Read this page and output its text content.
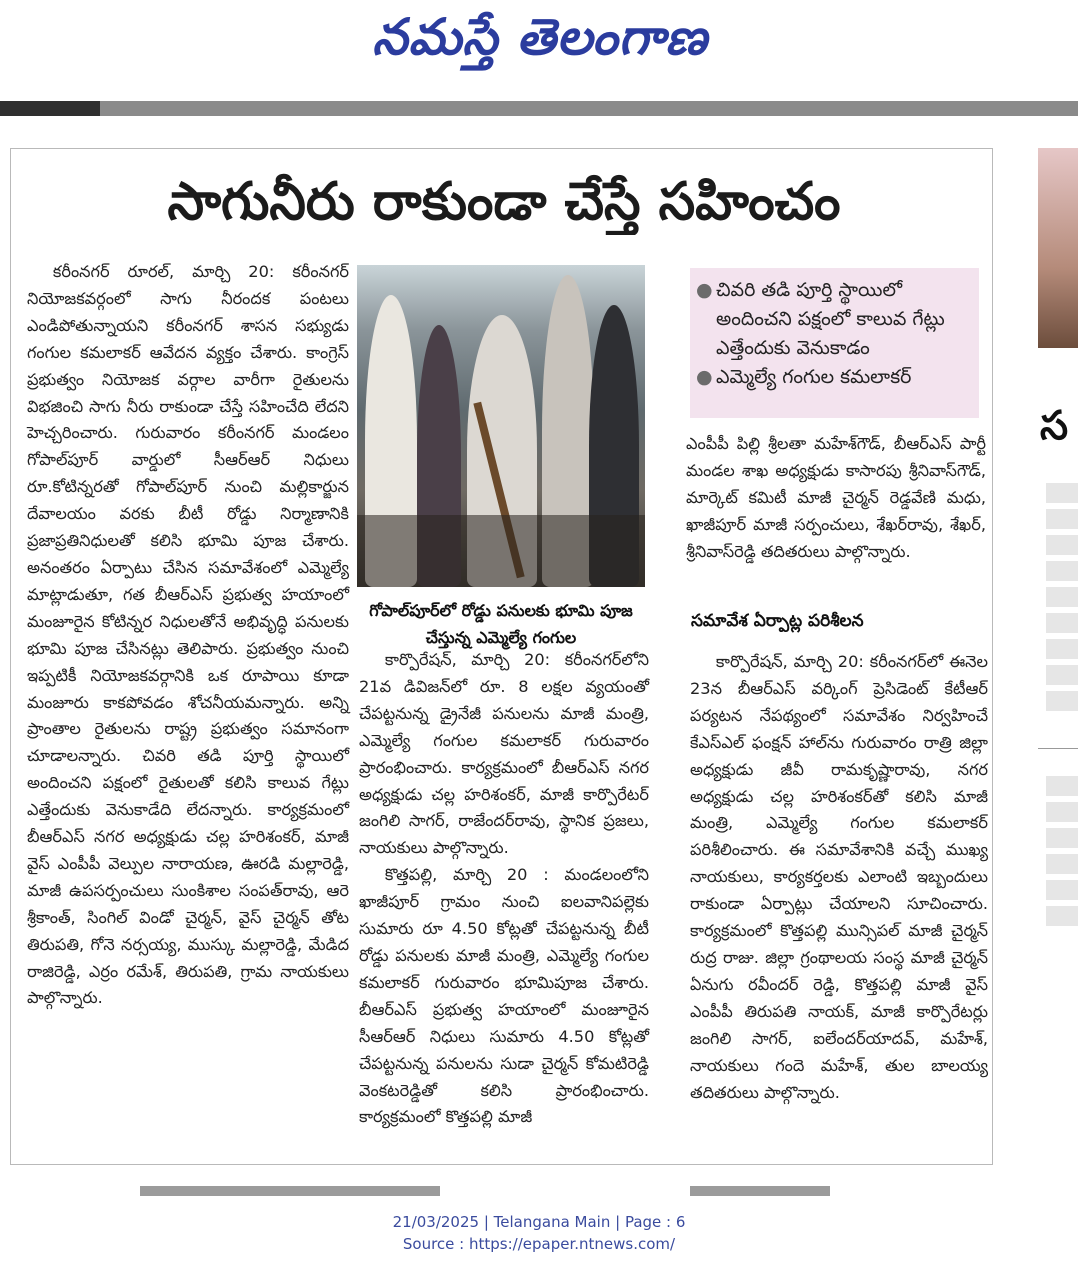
నమస్తే తెలంగాణ
సాగునీరు రాకుండా చేస్తే సహించం

కరీంనగర్ రూరల్, మార్చి 20: కరీంనగర్ నియోజకవర్గంలో సాగు నీరందక పంటలు ఎండిపోతున్నాయని కరీంనగర్ శాసన సభ్యుడు గంగుల కమలాకర్ ఆవేదన వ్యక్తం చేశారు. కాంగ్రెస్ ప్రభుత్వం నియోజక వర్గాల వారీగా రైతులను విభజించి సాగు నీరు రాకుండా చేస్తే సహించేది లేదని హెచ్చరించారు. గురువారం కరీంనగర్ మండలం గోపాల్‌పూర్ వార్డులో సీఆర్ఆర్ నిధులు రూ.కోటిన్నరతో గోపాల్‌పూర్ నుంచి మల్లికార్జున దేవాలయం వరకు బీటీ రోడ్డు నిర్మాణానికి ప్రజాప్రతినిధులతో కలిసి భూమి పూజ చేశారు. అనంతరం ఏర్పాటు చేసిన సమావేశంలో ఎమ్మెల్యే మాట్లాడుతూ, గత బీఆర్ఎస్ ప్రభుత్వ హయాంలో మంజూరైన కోటిన్నర నిధులతోనే అభివృద్ధి పనులకు భూమి పూజ చేసినట్లు తెలిపారు. ప్రభుత్వం నుంచి ఇప్పటికీ నియోజకవర్గానికి ఒక రూపాయి కూడా మంజూరు కాకపోవడం శోచనీయమన్నారు. అన్ని ప్రాంతాల రైతులను రాష్ట్ర ప్రభుత్వం సమానంగా చూడాలన్నారు. చివరి తడి పూర్తి స్థాయిలో అందించని పక్షంలో రైతులతో కలిసి కాలువ గేట్లు ఎత్తేందుకు వెనుకాడేది లేదన్నారు. కార్యక్రమంలో బీఆర్ఎస్ నగర అధ్యక్షుడు చల్ల హరిశంకర్, మాజీ వైస్ ఎంపీపీ వెల్పుల నారాయణ, ఊరడి మల్లారెడ్డి, మాజీ ఉపసర్పంచులు సుంకిశాల సంపత్‌రావు, ఆరె శ్రీకాంత్, సింగిల్ విండో చైర్మన్, వైస్ చైర్మన్ తోట తిరుపతి, గోనె నర్సయ్య, ముస్కు మల్లారెడ్డి, మేడిద రాజిరెడ్డి, ఎర్రం రమేశ్, తిరుపతి, గ్రామ నాయకులు పాల్గొన్నారు.

గోపాల్‌పూర్‌లో రోడ్డు పనులకు భూమి పూజ చేస్తున్న ఎమ్మెల్యే గంగుల

కార్పొరేషన్, మార్చి 20: కరీంనగర్‌లోని 21వ డివిజన్‌లో రూ. 8 లక్షల వ్యయంతో చేపట్టనున్న డ్రైనేజీ పనులను మాజీ మంత్రి, ఎమ్మెల్యే గంగుల కమలాకర్ గురువారం ప్రారంభించారు. కార్యక్రమంలో బీఆర్ఎస్ నగర అధ్యక్షుడు చల్ల హరిశంకర్, మాజీ కార్పొరేటర్ జంగిలి సాగర్, రాజేందర్‌రావు, స్థానిక ప్రజలు, నాయకులు పాల్గొన్నారు.

కొత్తపల్లి, మార్చి 20 : మండలంలోని ఖాజీపూర్ గ్రామం నుంచి ఐలవానిపల్లెకు సుమారు రూ 4.50 కోట్లతో చేపట్టనున్న బీటీ రోడ్డు పనులకు మాజీ మంత్రి, ఎమ్మెల్యే గంగుల కమలాకర్ గురువారం భూమిపూజ చేశారు. బీఆర్ఎస్ ప్రభుత్వ హయాంలో మంజూరైన సీఆర్ఆర్ నిధులు సుమారు 4.50 కోట్లతో చేపట్టనున్న పనులను సుడా చైర్మన్ కోమటిరెడ్డి వెంకటరెడ్డితో కలిసి ప్రారంభించారు. కార్యక్రమంలో కొత్తపల్లి మాజీ

● చివరి తడి పూర్తి స్థాయిలో అందించని పక్షంలో కాలువ గేట్లు ఎత్తేందుకు వెనుకాడం
● ఎమ్మెల్యే గంగుల కమలాకర్

ఎంపీపీ పిల్లి శ్రీలతా మహేశ్‌గౌడ్, బీఆర్ఎస్ పార్టీ మండల శాఖ అధ్యక్షుడు కాసారపు శ్రీనివాస్‌గౌడ్, మార్కెట్ కమిటీ మాజీ చైర్మన్ రెడ్డవేణి మధు, ఖాజీపూర్ మాజీ సర్పంచులు, శేఖర్‌రావు, శేఖర్, శ్రీనివాస్‌రెడ్డి తదితరులు పాల్గొన్నారు.

సమావేశ ఏర్పాట్ల పరిశీలన

కార్పొరేషన్, మార్చి 20: కరీంనగర్‌లో ఈనెల 23న బీఆర్ఎస్ వర్కింగ్ ప్రెసిడెంట్ కేటీఆర్ పర్యటన నేపథ్యంలో సమావేశం నిర్వహించే కేఎస్ఎల్ ఫంక్షన్ హాల్‌ను గురువారం రాత్రి జిల్లా అధ్యక్షుడు జీవీ రామకృష్ణారావు, నగర అధ్యక్షుడు చల్ల హరిశంకర్‌తో కలిసి మాజీ మంత్రి, ఎమ్మెల్యే గంగుల కమలాకర్ పరిశీలించారు. ఈ సమావేశానికి వచ్చే ముఖ్య నాయకులు, కార్యకర్తలకు ఎలాంటి ఇబ్బందులు రాకుండా ఏర్పాట్లు చేయాలని సూచించారు. కార్యక్రమంలో కొత్తపల్లి మున్సిపల్ మాజీ చైర్మన్ రుద్ర రాజు. జిల్లా గ్రంథాలయ సంస్థ మాజీ చైర్మన్ ఏనుగు రవీందర్ రెడ్డి, కొత్తపల్లి మాజీ వైస్ ఎంపీపీ తిరుపతి నాయక్, మాజీ కార్పొరేటర్లు జంగిలి సాగర్, ఐలేందర్‌యాదవ్, మహేశ్, నాయకులు గందె మహేశ్, తుల బాలయ్య తదితరులు పాల్గొన్నారు.

స
21/03/2025 | Telangana Main | Page : 6
Source : https://epaper.ntnews.com/
